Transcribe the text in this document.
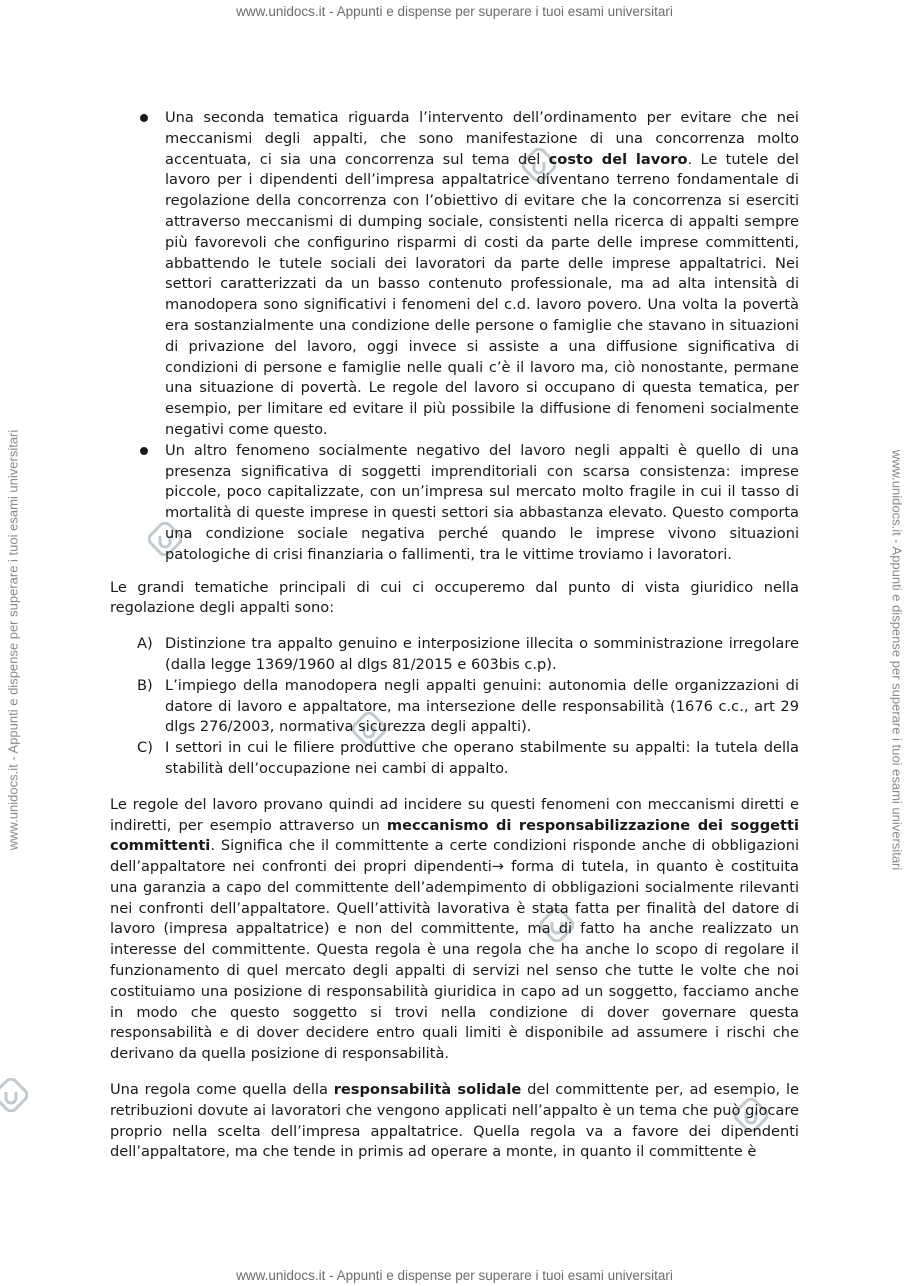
www.unidocs.it - Appunti e dispense per superare i tuoi esami universitari
www.unidocs.it - Appunti e dispense per superare i tuoi esami universitari	www.unidocs.it - Appunti e dispense per superare i tuoi esami universitari
Una seconda tematica riguarda l’intervento dell’ordinamento per evitare che nei meccanismi degli appalti, che sono manifestazione di una concorrenza molto accentuata, ci sia una concorrenza sul tema del costo del lavoro. Le tutele del lavoro per i dipendenti dell’impresa appaltatrice diventano terreno fondamentale di regolazione della concorrenza con l’obiettivo di evitare che la concorrenza si eserciti attraverso meccanismi di dumping sociale, consistenti nella ricerca di appalti sempre più favorevoli che configurino risparmi di costi da parte delle imprese committenti, abbattendo le tutele sociali dei lavoratori da parte delle imprese appaltatrici. Nei settori caratterizzati da un basso contenuto professionale, ma ad alta intensità di manodopera sono significativi i fenomeni del c.d. lavoro povero. Una volta la povertà era sostanzialmente una condizione delle persone o famiglie che stavano in situazioni di privazione del lavoro, oggi invece si assiste a una diffusione significativa di condizioni di persone e famiglie nelle quali c’è il lavoro ma, ciò nonostante, permane una situazione di povertà. Le regole del lavoro si occupano di questa tematica, per esempio, per limitare ed evitare il più possibile la diffusione di fenomeni socialmente negativi come questo.
Un altro fenomeno socialmente negativo del lavoro negli appalti è quello di una presenza significativa di soggetti imprenditoriali con scarsa consistenza: imprese piccole, poco capitalizzate, con un’impresa sul mercato molto fragile in cui il tasso di mortalità di queste imprese in questi settori sia abbastanza elevato. Questo comporta una condizione sociale negativa perché quando le imprese vivono situazioni patologiche di crisi finanziaria o fallimenti, tra le vittime troviamo i lavoratori.

Le grandi tematiche principali di cui ci occuperemo dal punto di vista giuridico nella regolazione degli appalti sono:

A) Distinzione tra appalto genuino e interposizione illecita o somministrazione irregolare (dalla legge 1369/1960 al dlgs 81/2015 e 603bis c.p).
B) L’impiego della manodopera negli appalti genuini: autonomia delle organizzazioni di datore di lavoro e appaltatore, ma intersezione delle responsabilità (1676 c.c., art 29 dlgs 276/2003, normativa sicurezza degli appalti).
C) I settori in cui le filiere produttive che operano stabilmente su appalti: la tutela della stabilità dell’occupazione nei cambi di appalto.

Le regole del lavoro provano quindi ad incidere su questi fenomeni con meccanismi diretti e indiretti, per esempio attraverso un meccanismo di responsabilizzazione dei soggetti committenti. Significa che il committente a certe condizioni risponde anche di obbligazioni dell’appaltatore nei confronti dei propri dipendenti→ forma di tutela, in quanto è costituita una garanzia a capo del committente dell’adempimento di obbligazioni socialmente rilevanti nei confronti dell’appaltatore. Quell’attività lavorativa è stata fatta per finalità del datore di lavoro (impresa appaltatrice) e non del committente, ma di fatto ha anche realizzato un interesse del committente. Questa regola è una regola che ha anche lo scopo di regolare il funzionamento di quel mercato degli appalti di servizi nel senso che tutte le volte che noi costituiamo una posizione di responsabilità giuridica in capo ad un soggetto, facciamo anche in modo che questo soggetto si trovi nella condizione di dover governare questa responsabilità e di dover decidere entro quali limiti è disponibile ad assumere i rischi che derivano da quella posizione di responsabilità.

Una regola come quella della responsabilità solidale del committente per, ad esempio, le retribuzioni dovute ai lavoratori che vengono applicati nell’appalto è un tema che può giocare proprio nella scelta dell’impresa appaltatrice. Quella regola va a favore dei dipendenti dell’appaltatore, ma che tende in primis ad operare a monte, in quanto il committente è

www.unidocs.it - Appunti e dispense per superare i tuoi esami universitari
